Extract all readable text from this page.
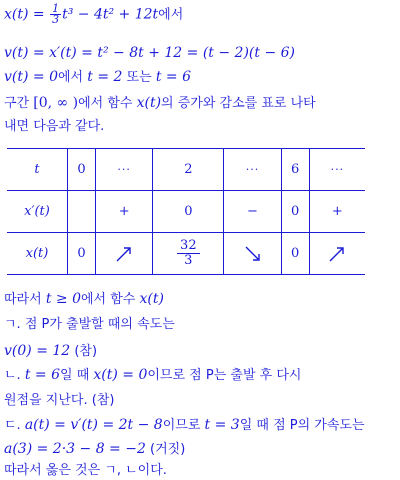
$x(t) = \frac{1}{3} t^3 - 4t^2 + 12t$에서
v(t) = x′(t) = t² − 8t + 12 = (t − 2)(t − 6)
v(t) = 0에서 t = 2 또는 t = 6
구간 [0, ∞ )에서 함수 x(t)의 증가와 감소를 표로 나타
내면 다음과 같다.
t	0	···	2	···	6	···
x′(t)		+	0	−	0	+
x(t)	0		$\frac{32}{3}$		0	
따라서 t ≥ 0에서 함수 x(t)
ㄱ. 점 P가 출발할 때의 속도는
v(0) = 12 (참)
ㄴ. t = 6일 때 x(t) = 0이므로 점 P는 출발 후 다시
원점을 지난다. (참)
ㄷ. a(t) = v′(t) = 2t − 8이므로 t = 3일 때 점 P의 가속도는
a(3) = 2·3 − 8 = −2 (거짓)
따라서 옳은 것은 ㄱ, ㄴ이다.
